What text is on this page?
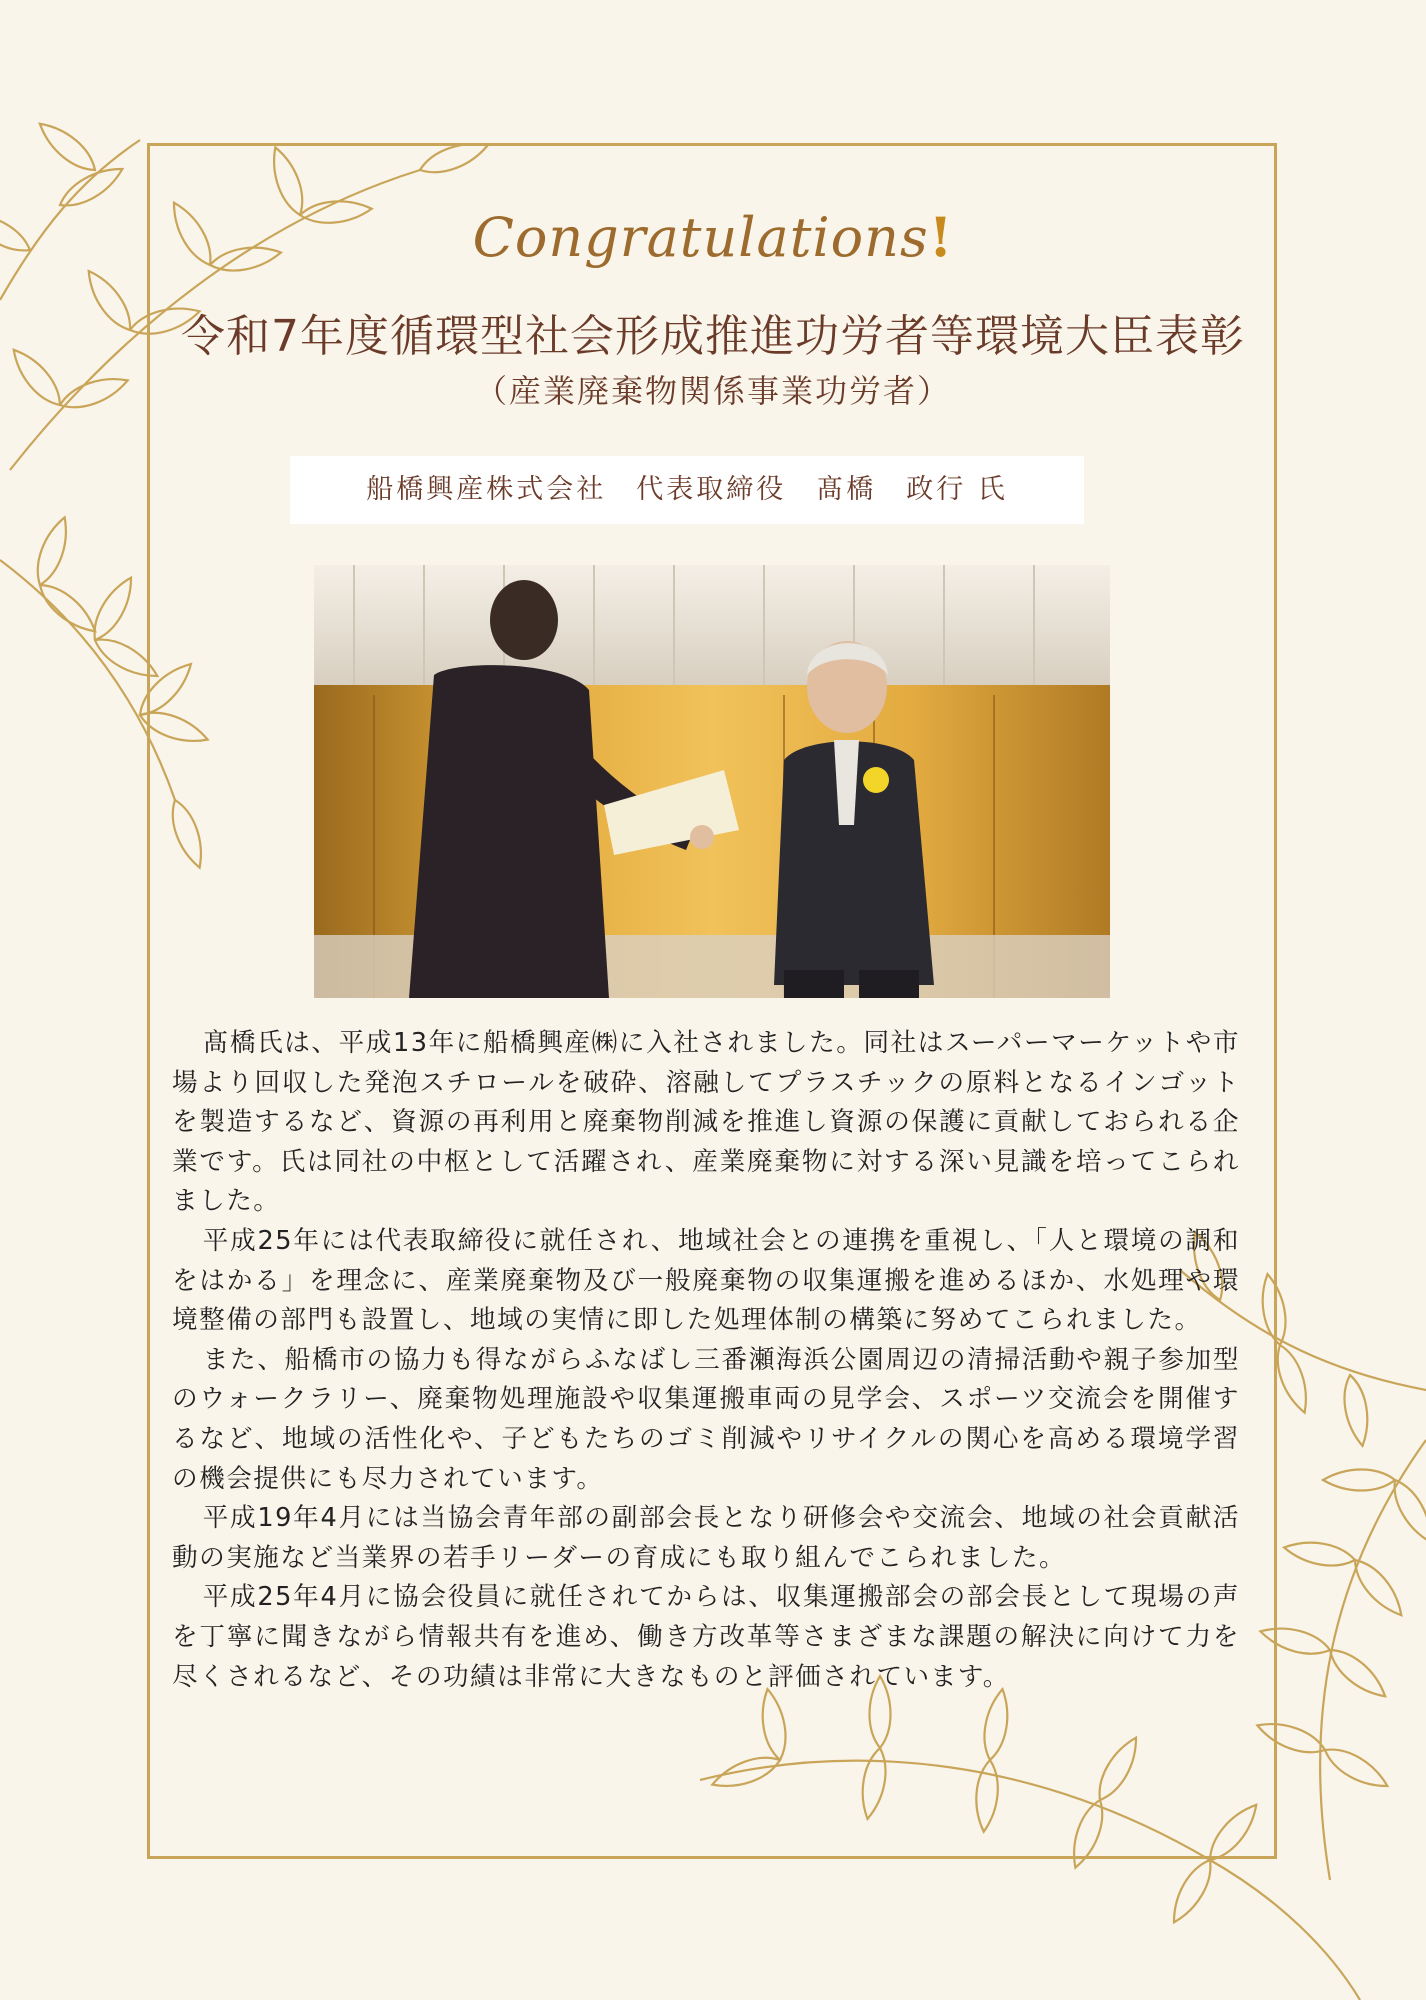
Congratulations!
令和7年度循環型社会形成推進功労者等環境大臣表彰
（産業廃棄物関係事業功労者）
船橋興産株式会社　代表取締役　髙橋　政行 氏

髙橋氏は、平成13年に船橋興産㈱に入社されました。同社はスーパーマーケットや市場より回収した発泡スチロールを破砕、溶融してプラスチックの原料となるインゴットを製造するなど、資源の再利用と廃棄物削減を推進し資源の保護に貢献しておられる企業です。氏は同社の中枢として活躍され、産業廃棄物に対する深い見識を培ってこられました。

平成25年には代表取締役に就任され、地域社会との連携を重視し、「人と環境の調和をはかる」を理念に、産業廃棄物及び一般廃棄物の収集運搬を進めるほか、水処理や環境整備の部門も設置し、地域の実情に即した処理体制の構築に努めてこられました。

また、船橋市の協力も得ながらふなばし三番瀬海浜公園周辺の清掃活動や親子参加型のウォークラリー、廃棄物処理施設や収集運搬車両の見学会、スポーツ交流会を開催するなど、地域の活性化や、子どもたちのゴミ削減やリサイクルの関心を高める環境学習の機会提供にも尽力されています。

平成19年4月には当協会青年部の副部会長となり研修会や交流会、地域の社会貢献活動の実施など当業界の若手リーダーの育成にも取り組んでこられました。

平成25年4月に協会役員に就任されてからは、収集運搬部会の部会長として現場の声を丁寧に聞きながら情報共有を進め、働き方改革等さまざまな課題の解決に向けて力を尽くされるなど、その功績は非常に大きなものと評価されています。
